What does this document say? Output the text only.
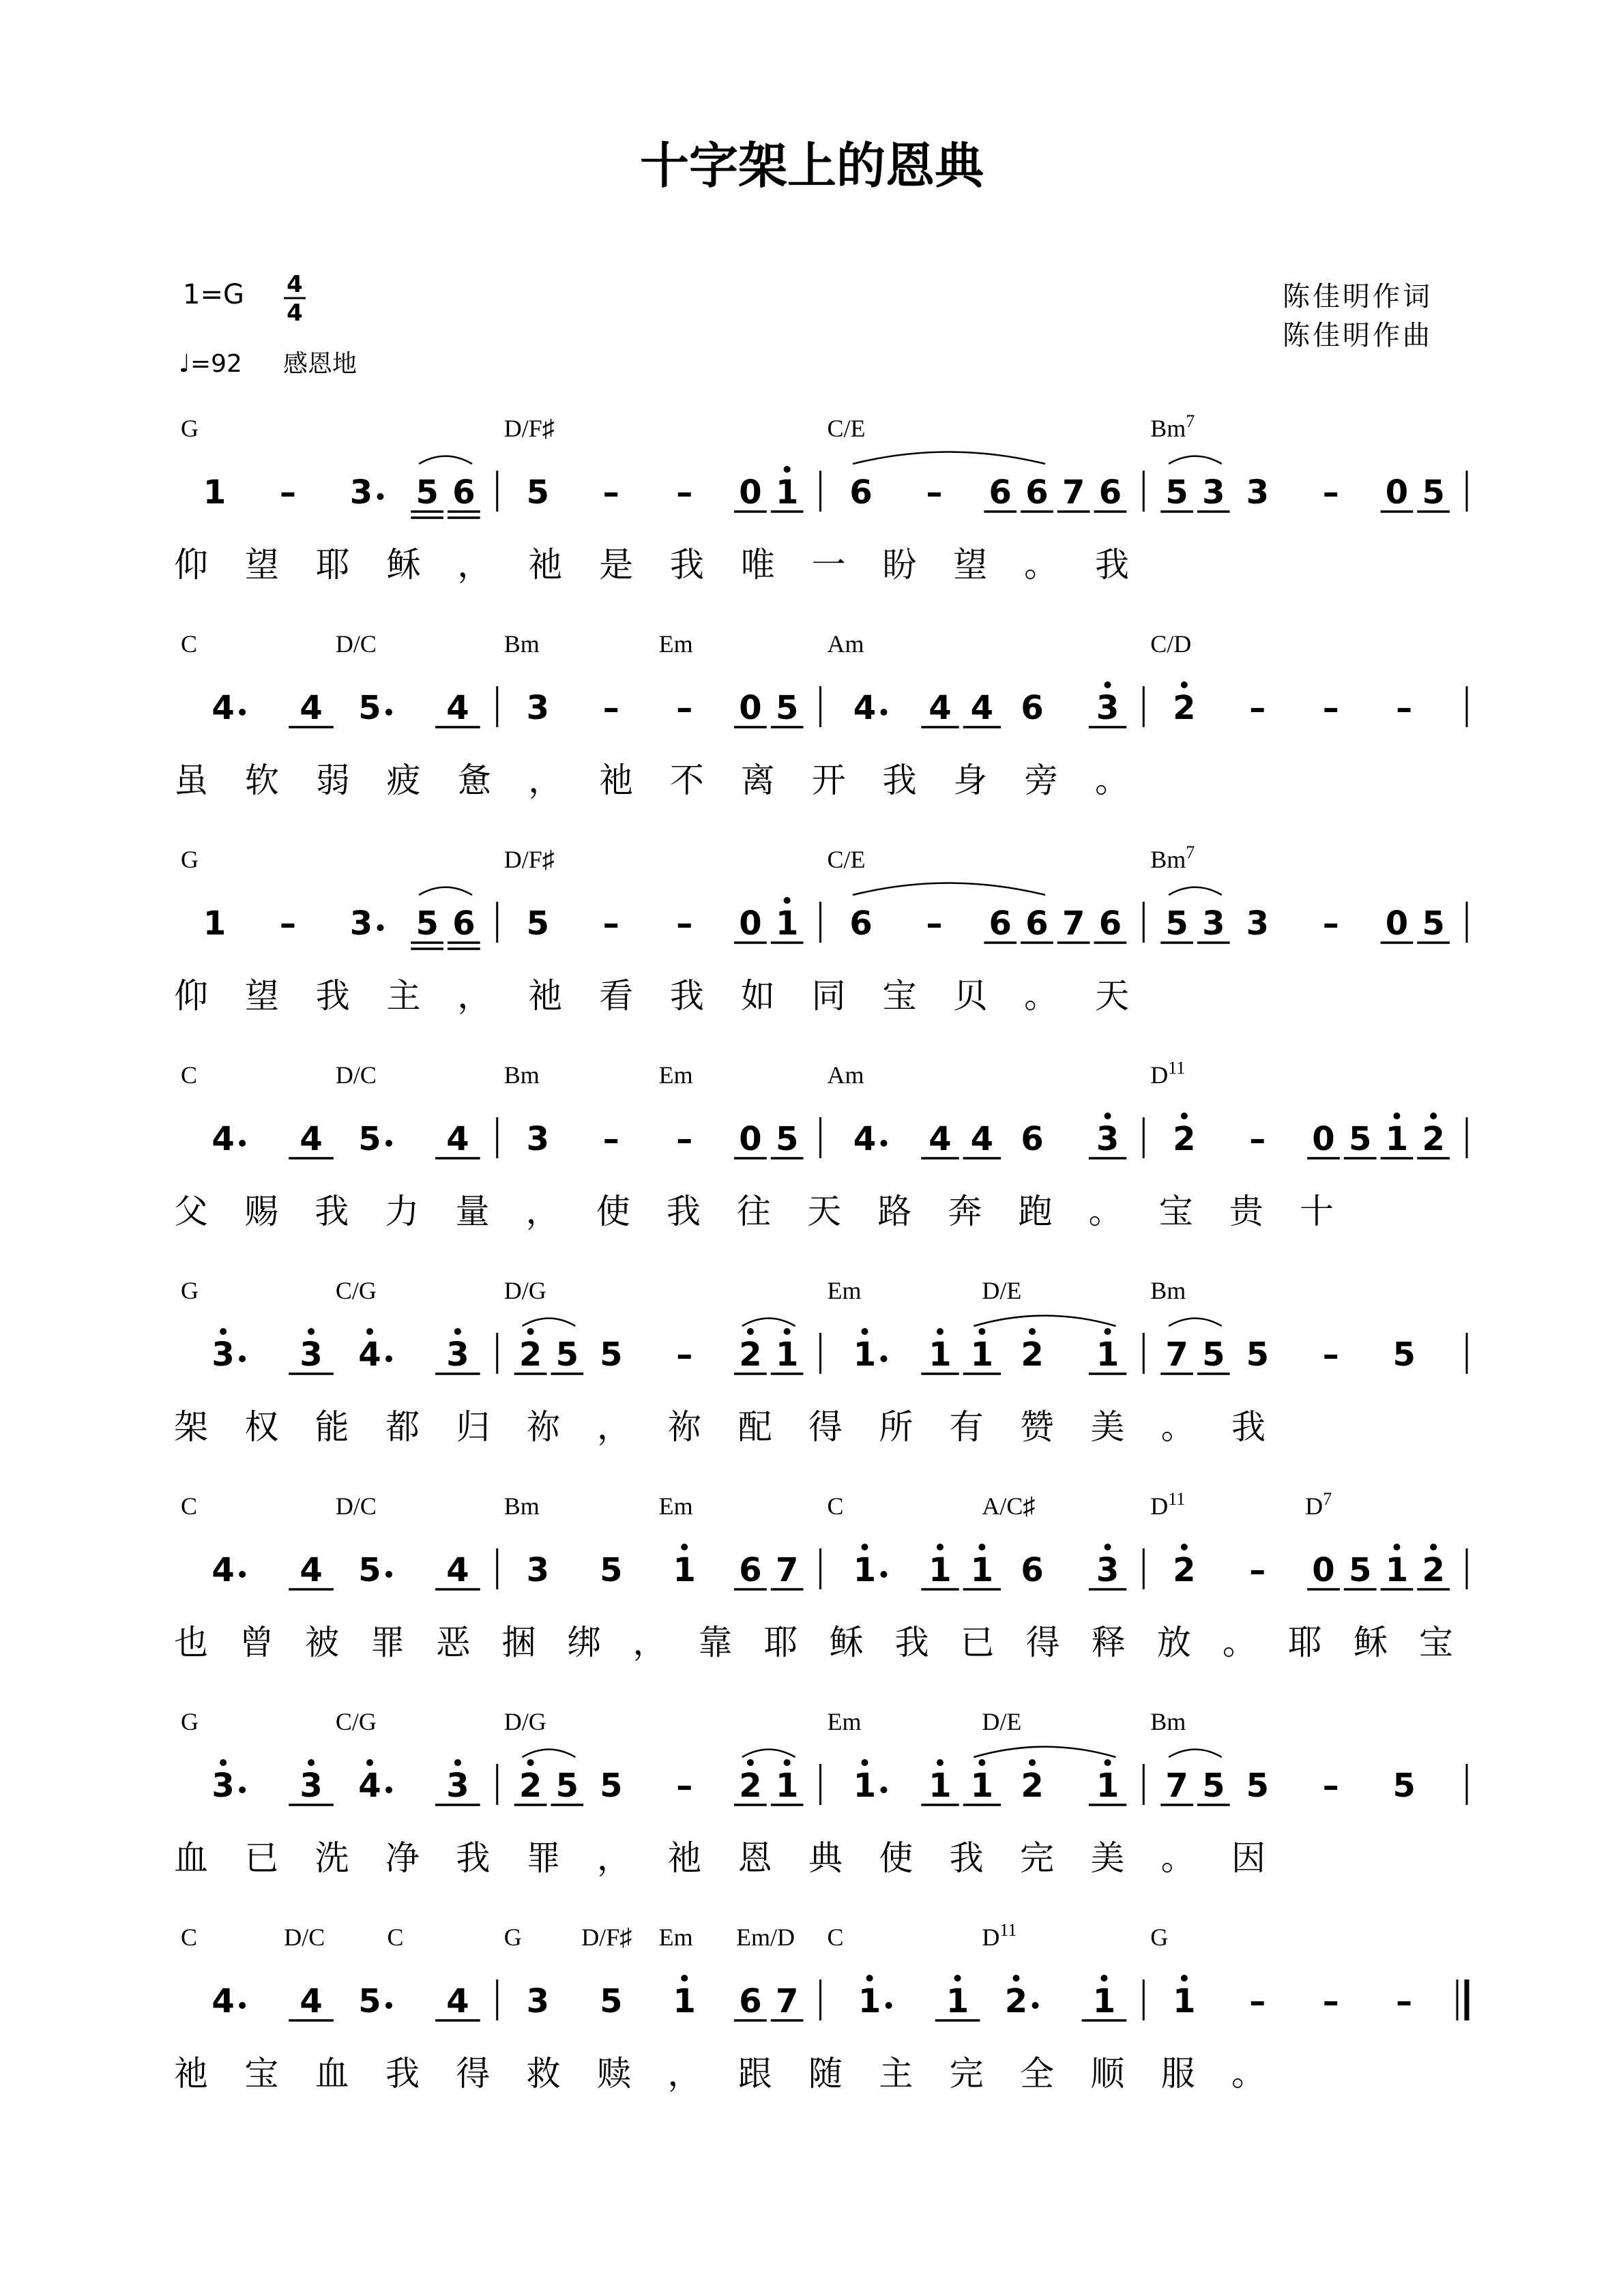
十字架上的恩典
1=G 4
4
♩=92 感恩地
陈佳明作词
陈佳明作曲
1 – 3 5 6 5 – – 0 1 6 – 6 6 7 6 5 3 3 – 0 5
G	D/F♯	C/E	Bm$^7$
仰望耶稣，祂是我唯一盼望。我
4 4 5 4 3 – – 0 5 4 4 4 6 3 2 – – –
C	D/C	Bm	Em	Am	C/D
虽软弱疲惫，祂不离开我身旁。
1 – 3 5 6 5 – – 0 1 6 – 6 6 7 6 5 3 3 – 0 5
G	D/F♯	C/E	Bm$^7$
仰望我主，祂看我如同宝贝。天
4 4 5 4 3 – – 0 5 4 4 4 6 3 2 – 0 5 1 2
C	D/C	Bm	Em	Am	$D^{11}$
父赐我力量，使我往天路奔跑。宝贵十
3 3 4 3 2 5 5 – 2 1 1 1 1 2 1 7 5 5 – 5
G	C/G	D/G	Em	D/E	Bm
架权能都归祢，祢配得所有赞美。我
4 4 5 4 3 5 1 6 7 1 1 1 6 3 2 – 0 5 1 2
C	D/C	Bm	Em	C	A/C♯	$D^{11}$	$D^7$
也曾被罪恶捆绑，靠耶稣我已得释放。耶稣宝
3 3 4 3 2 5 5 – 2 1 1 1 1 2 1 7 5 5 – 5
G	C/G	D/G	Em	D/E	Bm
血已洗净我罪，祂恩典使我完美。因
4 4 5 4 3 5 1 6 7 1 1 2 1 1 – – –
C	D/C	C	G D/F♯ Em Em/D C	$D^{11}$	G
祂宝血我得救赎，跟随主完全顺服。
